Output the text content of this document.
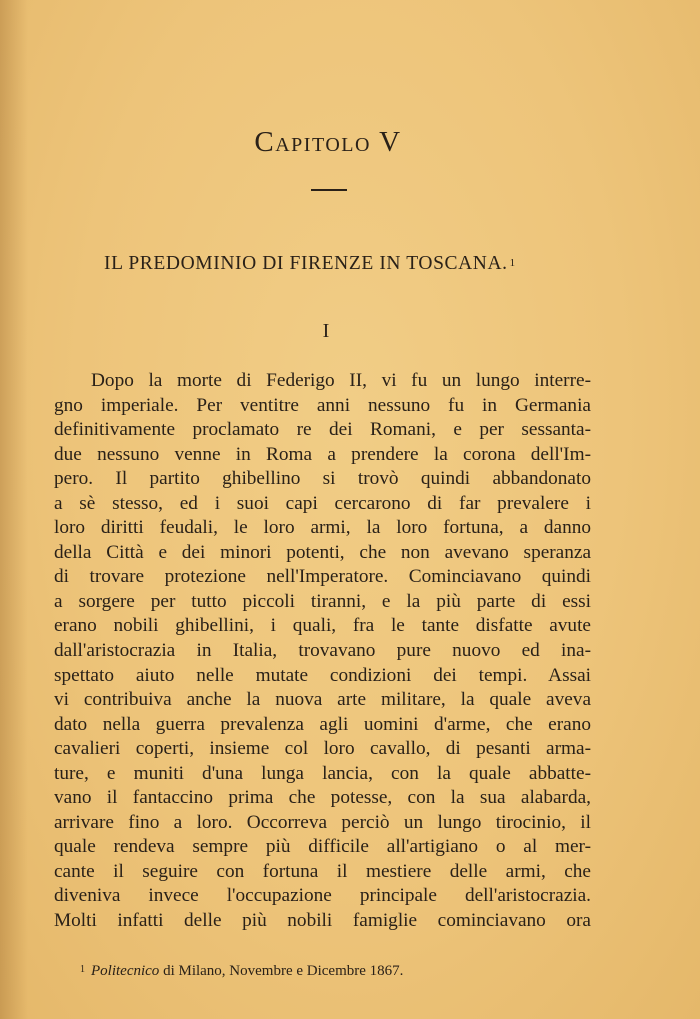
Capitolo V
IL PREDOMINIO DI FIRENZE IN TOSCANA. $^1$
I
Dopo la morte di Federigo II, vi fu un lungo interre-
gno imperiale. Per ventitre anni nessuno fu in Germania
definitivamente proclamato re dei Romani, e per sessanta-
due nessuno venne in Roma a prendere la corona dell'Im-
pero. Il partito ghibellino si trovò quindi abbandonato
a sè stesso, ed i suoi capi cercarono di far prevalere i
loro diritti feudali, le loro armi, la loro fortuna, a danno
della Città e dei minori potenti, che non avevano speranza
di trovare protezione nell'Imperatore. Cominciavano quindi
a sorgere per tutto piccoli tiranni, e la più parte di essi
erano nobili ghibellini, i quali, fra le tante disfatte avute
dall'aristocrazia in Italia, trovavano pure nuovo ed ina-
spettato aiuto nelle mutate condizioni dei tempi. Assai
vi contribuiva anche la nuova arte militare, la quale aveva
dato nella guerra prevalenza agli uomini d'arme, che erano
cavalieri coperti, insieme col loro cavallo, di pesanti arma-
ture, e muniti d'una lunga lancia, con la quale abbatte-
vano il fantaccino prima che potesse, con la sua alabarda,
arrivare fino a loro. Occorreva perciò un lungo tirocinio, il
quale rendeva sempre più difficile all'artigiano o al mer-
cante il seguire con fortuna il mestiere delle armi, che
diveniva invece l'occupazione principale dell'aristocrazia.
Molti infatti delle più nobili famiglie cominciavano ora
$^1$ Politecnico di Milano, Novembre e Dicembre 1867.
